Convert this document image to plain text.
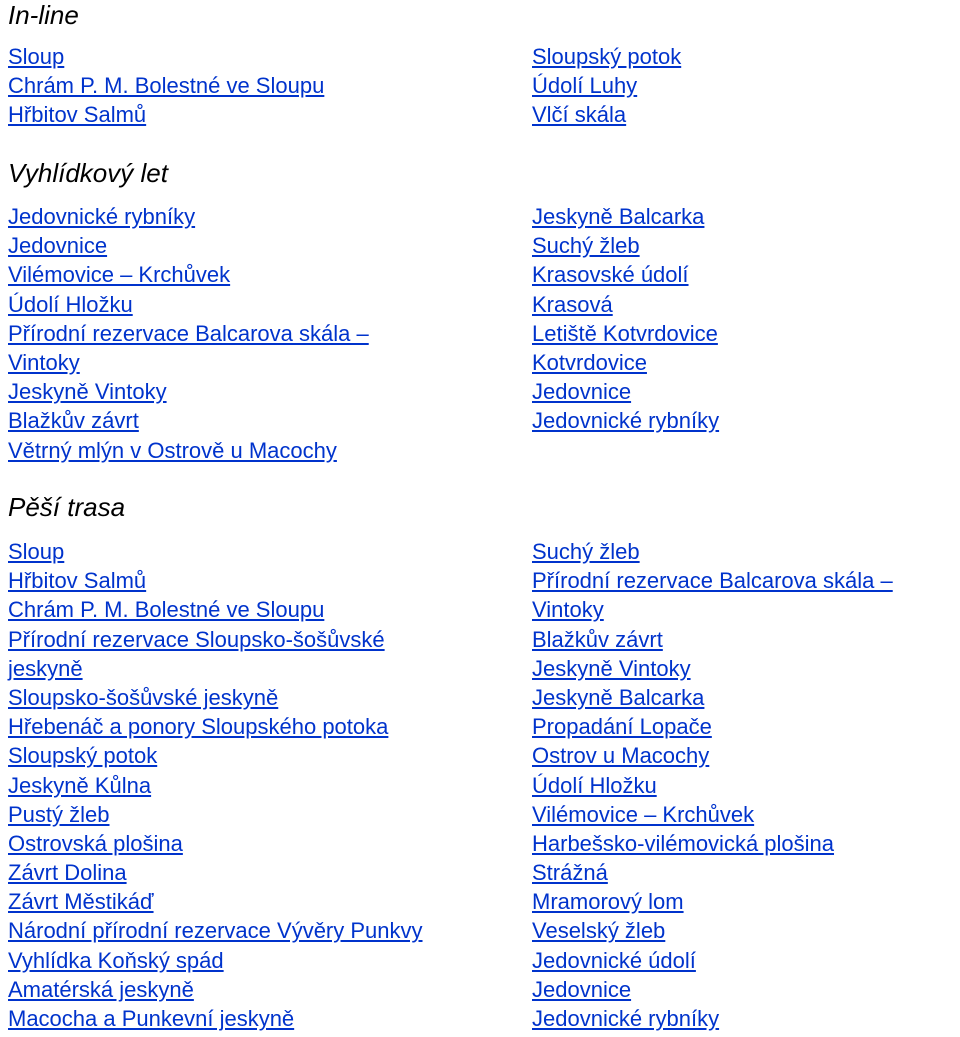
In-line
Sloup
Chrám P. M. Bolestné ve Sloupu
Hřbitov Salmů
Sloupský potok
Údolí Luhy
Vlčí skála
Vyhlídkový let
Jedovnické rybníky
Jedovnice
Vilémovice – Krchůvek
Údolí Hložku
Přírodní rezervace Balcarova skála –
Vintoky
Jeskyně Vintoky
Blažkův závrt
Větrný mlýn v Ostrově u Macochy
Jeskyně Balcarka
Suchý žleb
Krasovské údolí
Krasová
Letiště Kotvrdovice
Kotvrdovice
Jedovnice
Jedovnické rybníky
Pěší trasa
Sloup
Hřbitov Salmů
Chrám P. M. Bolestné ve Sloupu
Přírodní rezervace Sloupsko-šošůvské
jeskyně
Sloupsko-šošůvské jeskyně
Hřebenáč a ponory Sloupského potoka
Sloupský potok
Jeskyně Kůlna
Pustý žleb
Ostrovská plošina
Závrt Dolina
Závrt Městikáď
Národní přírodní rezervace Vývěry Punkvy
Vyhlídka Koňský spád
Amatérská jeskyně
Macocha a Punkevní jeskyně
Suchý žleb
Přírodní rezervace Balcarova skála –
Vintoky
Blažkův závrt
Jeskyně Vintoky
Jeskyně Balcarka
Propadání Lopače
Ostrov u Macochy
Údolí Hložku
Vilémovice – Krchůvek
Harbešsko-vilémovická plošina
Strážná
Mramorový lom
Veselský žleb
Jedovnické údolí
Jedovnice
Jedovnické rybníky
